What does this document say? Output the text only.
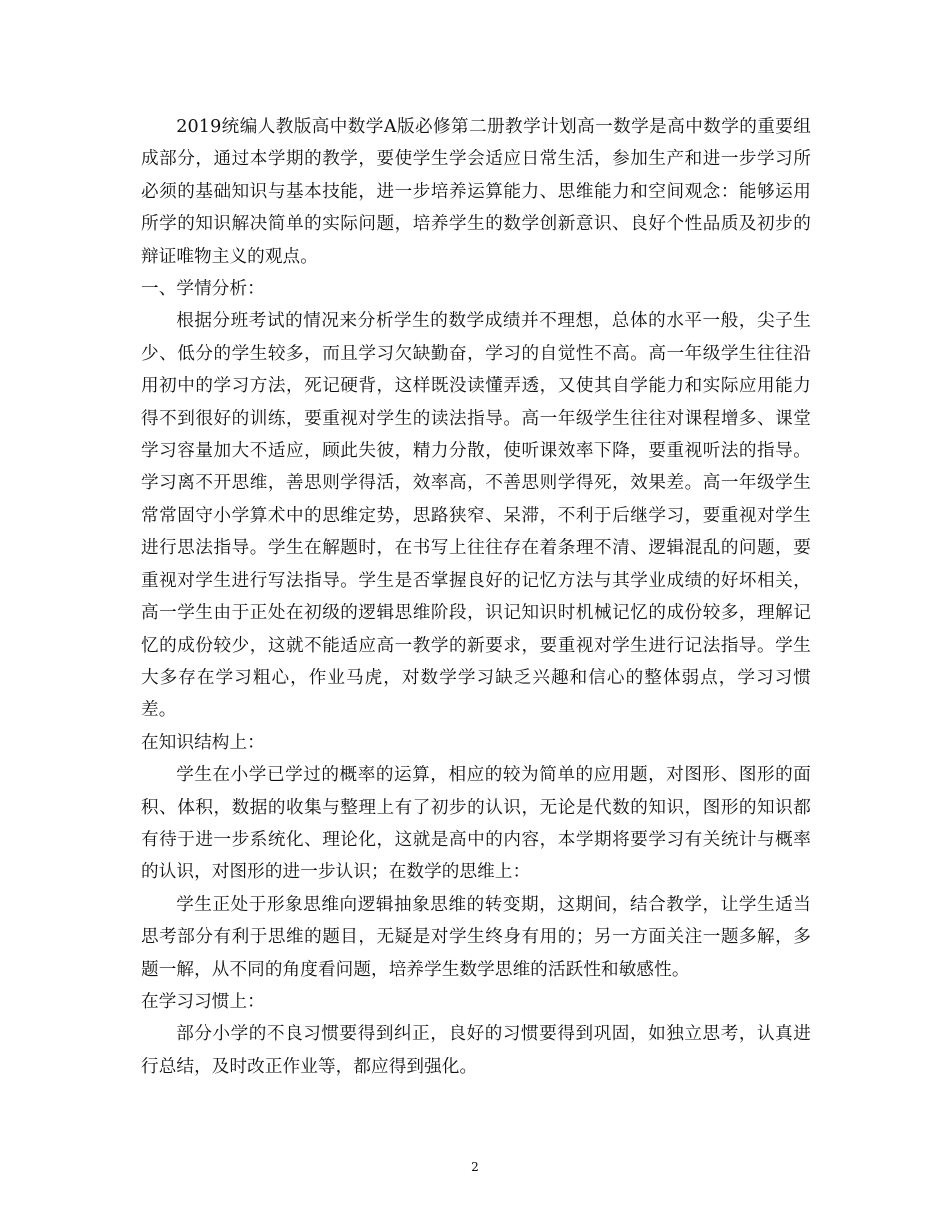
2019统编人教版高中数学A版必修第二册教学计划高一数学是高中数学的重要组成部分，通过本学期的教学，要使学生学会适应日常生活，参加生产和进一步学习所必须的基础知识与基本技能，进一步培养运算能力、思维能力和空间观念：能够运用所学的知识解决简单的实际问题，培养学生的数学创新意识、良好个性品质及初步的辩证唯物主义的观点。

一、学情分析：

根据分班考试的情况来分析学生的数学成绩并不理想，总体的水平一般，尖子生少、低分的学生较多，而且学习欠缺勤奋，学习的自觉性不高。高一年级学生往往沿用初中的学习方法，死记硬背，这样既没读懂弄透，又使其自学能力和实际应用能力得不到很好的训练，要重视对学生的读法指导。高一年级学生往往对课程增多、课堂学习容量加大不适应，顾此失彼，精力分散，使听课效率下降，要重视听法的指导。学习离不开思维，善思则学得活，效率高，不善思则学得死，效果差。高一年级学生常常固守小学算术中的思维定势，思路狭窄、呆滞，不利于后继学习，要重视对学生进行思法指导。学生在解题时，在书写上往往存在着条理不清、逻辑混乱的问题，要重视对学生进行写法指导。学生是否掌握良好的记忆方法与其学业成绩的好坏相关，高一学生由于正处在初级的逻辑思维阶段，识记知识时机械记忆的成份较多，理解记忆的成份较少，这就不能适应高一教学的新要求，要重视对学生进行记法指导。学生大多存在学习粗心，作业马虎，对数学学习缺乏兴趣和信心的整体弱点，学习习惯差。

在知识结构上：

学生在小学已学过的概率的运算，相应的较为简单的应用题，对图形、图形的面积、体积，数据的收集与整理上有了初步的认识，无论是代数的知识，图形的知识都有待于进一步系统化、理论化，这就是高中的内容，本学期将要学习有关统计与概率的认识，对图形的进一步认识；在数学的思维上：

学生正处于形象思维向逻辑抽象思维的转变期，这期间，结合教学，让学生适当思考部分有利于思维的题目，无疑是对学生终身有用的；另一方面关注一题多解，多题一解，从不同的角度看问题，培养学生数学思维的活跃性和敏感性。

在学习习惯上：

部分小学的不良习惯要得到纠正，良好的习惯要得到巩固，如独立思考，认真进行总结，及时改正作业等，都应得到强化。

2
